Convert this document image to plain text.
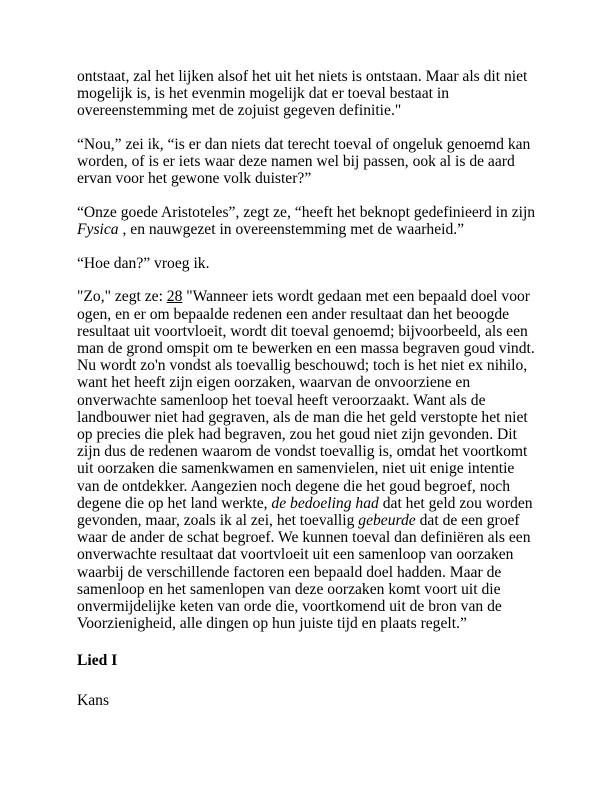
ontstaat, zal het lijken alsof het uit het niets is ontstaan. Maar als dit niet mogelijk is, is het evenmin mogelijk dat er toeval bestaat in overeenstemming met de zojuist gegeven definitie."

“Nou,” zei ik, “is er dan niets dat terecht toeval of ongeluk genoemd kan worden, of is er iets waar deze namen wel bij passen, ook al is de aard ervan voor het gewone volk duister?”

“Onze goede Aristoteles”, zegt ze, “heeft het beknopt gedefinieerd in zijn Fysica , en nauwgezet in overeenstemming met de waarheid.”

“Hoe dan?” vroeg ik.

"Zo," zegt ze: 28 "Wanneer iets wordt gedaan met een bepaald doel voor ogen, en er om bepaalde redenen een ander resultaat dan het beoogde resultaat uit voortvloeit, wordt dit toeval genoemd; bijvoorbeeld, als een man de grond omspit om te bewerken en een massa begraven goud vindt. Nu wordt zo'n vondst als toevallig beschouwd; toch is het niet ex nihilo, want het heeft zijn eigen oorzaken, waarvan de onvoorziene en onverwachte samenloop het toeval heeft veroorzaakt. Want als de landbouwer niet had gegraven, als de man die het geld verstopte het niet op precies die plek had begraven, zou het goud niet zijn gevonden. Dit zijn dus de redenen waarom de vondst toevallig is, omdat het voortkomt uit oorzaken die samenkwamen en samenvielen, niet uit enige intentie van de ontdekker. Aangezien noch degene die het goud begroef, noch degene die op het land werkte, de bedoeling had dat het geld zou worden gevonden, maar, zoals ik al zei, het toevallig gebeurde dat de een groef waar de ander de schat begroef. We kunnen toeval dan definiëren als een onverwachte resultaat dat voortvloeit uit een samenloop van oorzaken waarbij de verschillende factoren een bepaald doel hadden. Maar de samenloop en het samenlopen van deze oorzaken komt voort uit die onvermijdelijke keten van orde die, voortkomend uit de bron van de Voorzienigheid, alle dingen op hun juiste tijd en plaats regelt.”

Lied I

Kans
